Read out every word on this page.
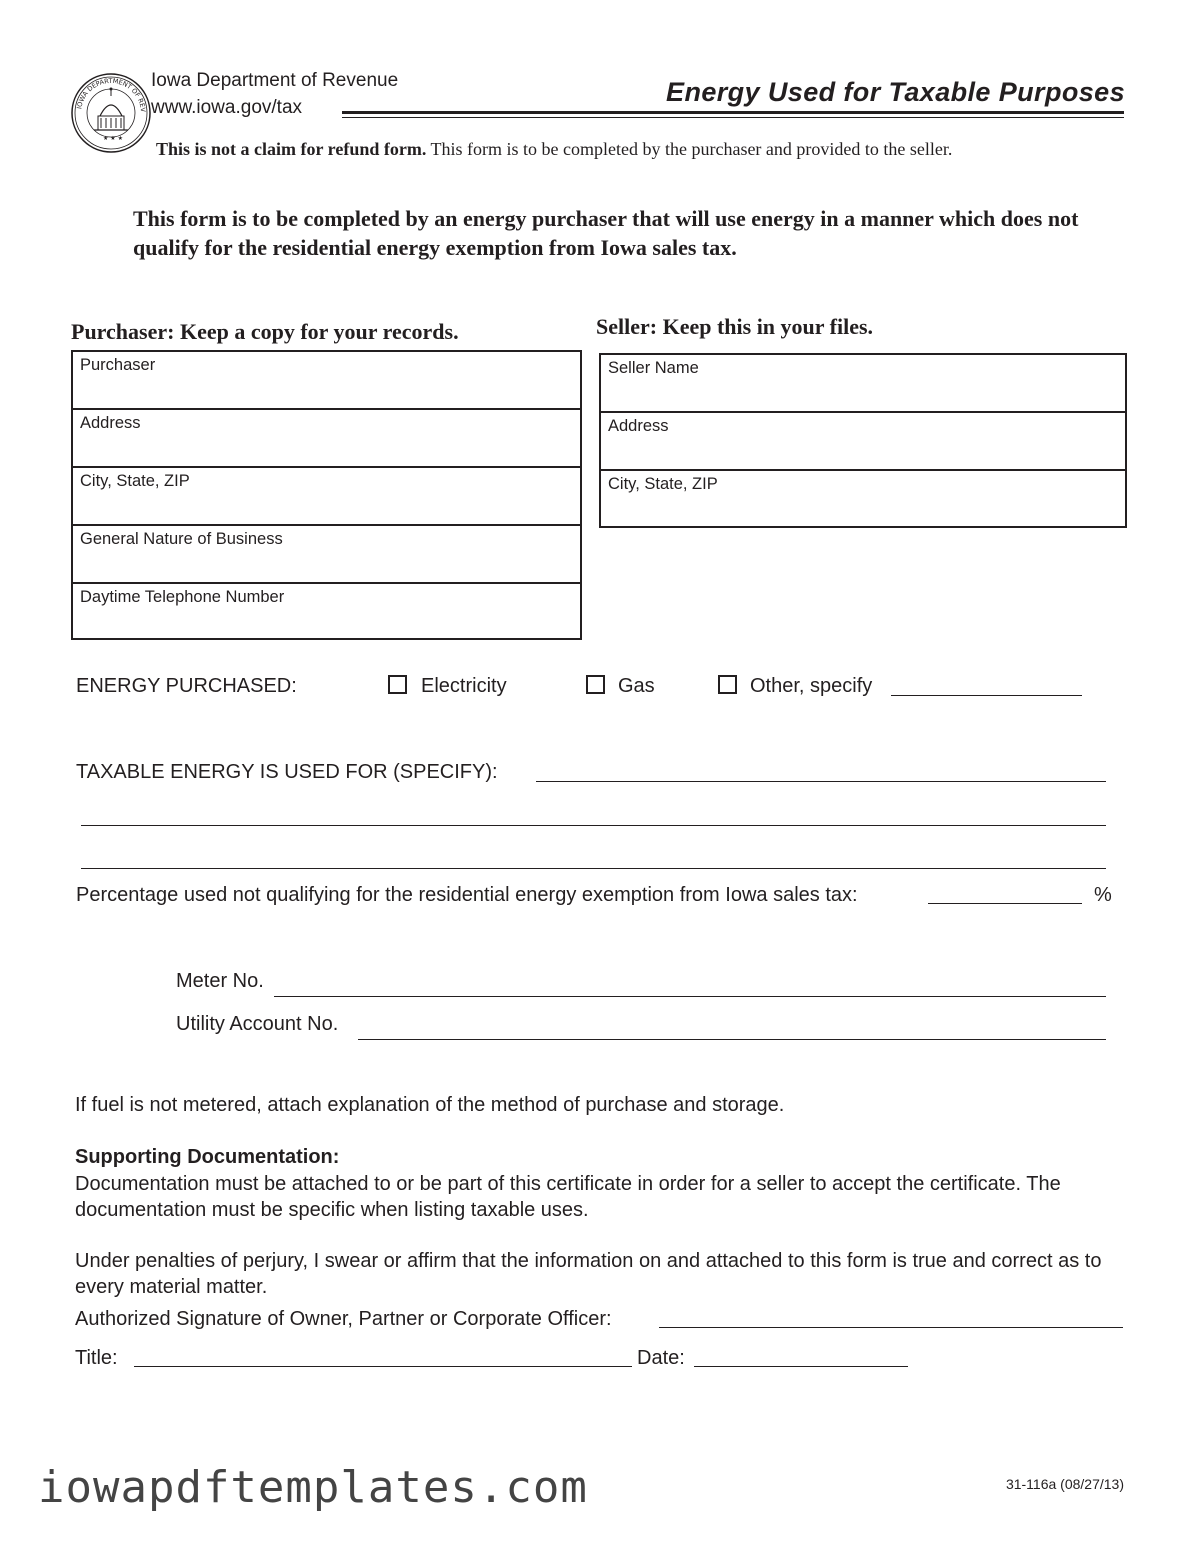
IOWA DEPARTMENT OF REV
★ ★ ★
Iowa Department of Revenue
www.iowa.gov/tax
Energy Used for Taxable Purposes
This is not a claim for refund form. This form is to be completed by the purchaser and provided to the seller.
This form is to be completed by an energy purchaser that will use energy in a manner which does not qualify for the residential energy exemption from Iowa sales tax.
Purchaser: Keep a copy for your records.
Purchaser
Address
City, State, ZIP
General Nature of Business
Daytime Telephone Number
Seller: Keep this in your files.
Seller Name
Address
City, State, ZIP
ENERGY PURCHASED:	Electricity	Gas	Other, specify
TAXABLE ENERGY IS USED FOR (SPECIFY):
Percentage used not qualifying for the residential energy exemption from Iowa sales tax:	%
Meter No.
Utility Account No.
If fuel is not metered, attach explanation of the method of purchase and storage.
Supporting Documentation:
Documentation must be attached to or be part of this certificate in order for a seller to accept the certificate. The documentation must be specific when listing taxable uses.
Under penalties of perjury, I swear or affirm that the information on and attached to this form is true and correct as to every material matter.
Authorized Signature of Owner, Partner or Corporate Officer:
Title:	Date:
iowapdftemplates.com	31-116a (08/27/13)
